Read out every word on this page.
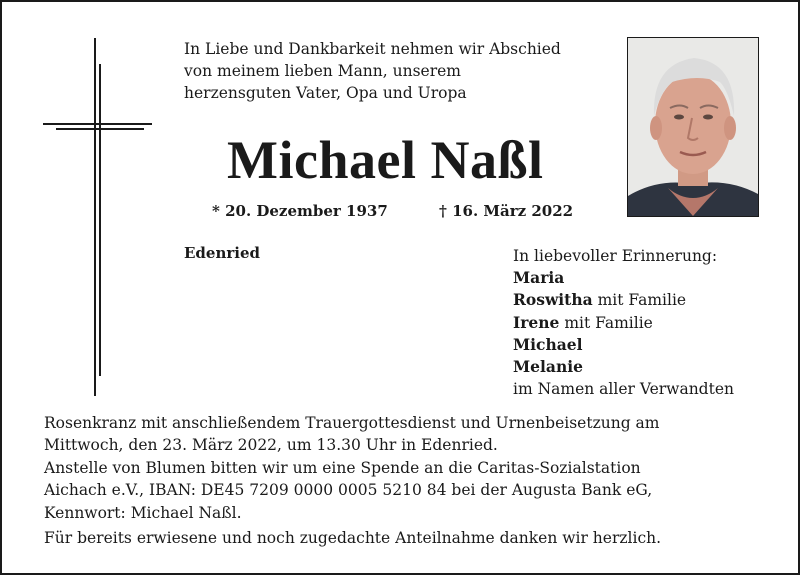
In Liebe und Dankbarkeit nehmen wir Abschied
von meinem lieben Mann, unserem
herzensguten Vater, Opa und Uropa
Michael Naßl
* 20. Dezember 1937	† 16. März 2022
Edenried	In liebevoller Erinnerung:
Maria
Roswitha mit Familie
Irene mit Familie
Michael
Melanie
im Namen aller Verwandten
Rosenkranz mit anschließendem Trauergottesdienst und Urnenbeisetzung am
Mittwoch, den 23. März 2022, um 13.30 Uhr in Edenried.
Anstelle von Blumen bitten wir um eine Spende an die Caritas-Sozialstation
Aichach e.V., IBAN: DE45 7209 0000 0005 5210 84 bei der Augusta Bank eG,
Kennwort: Michael Naßl.
Für bereits erwiesene und noch zugedachte Anteilnahme danken wir herzlich.
